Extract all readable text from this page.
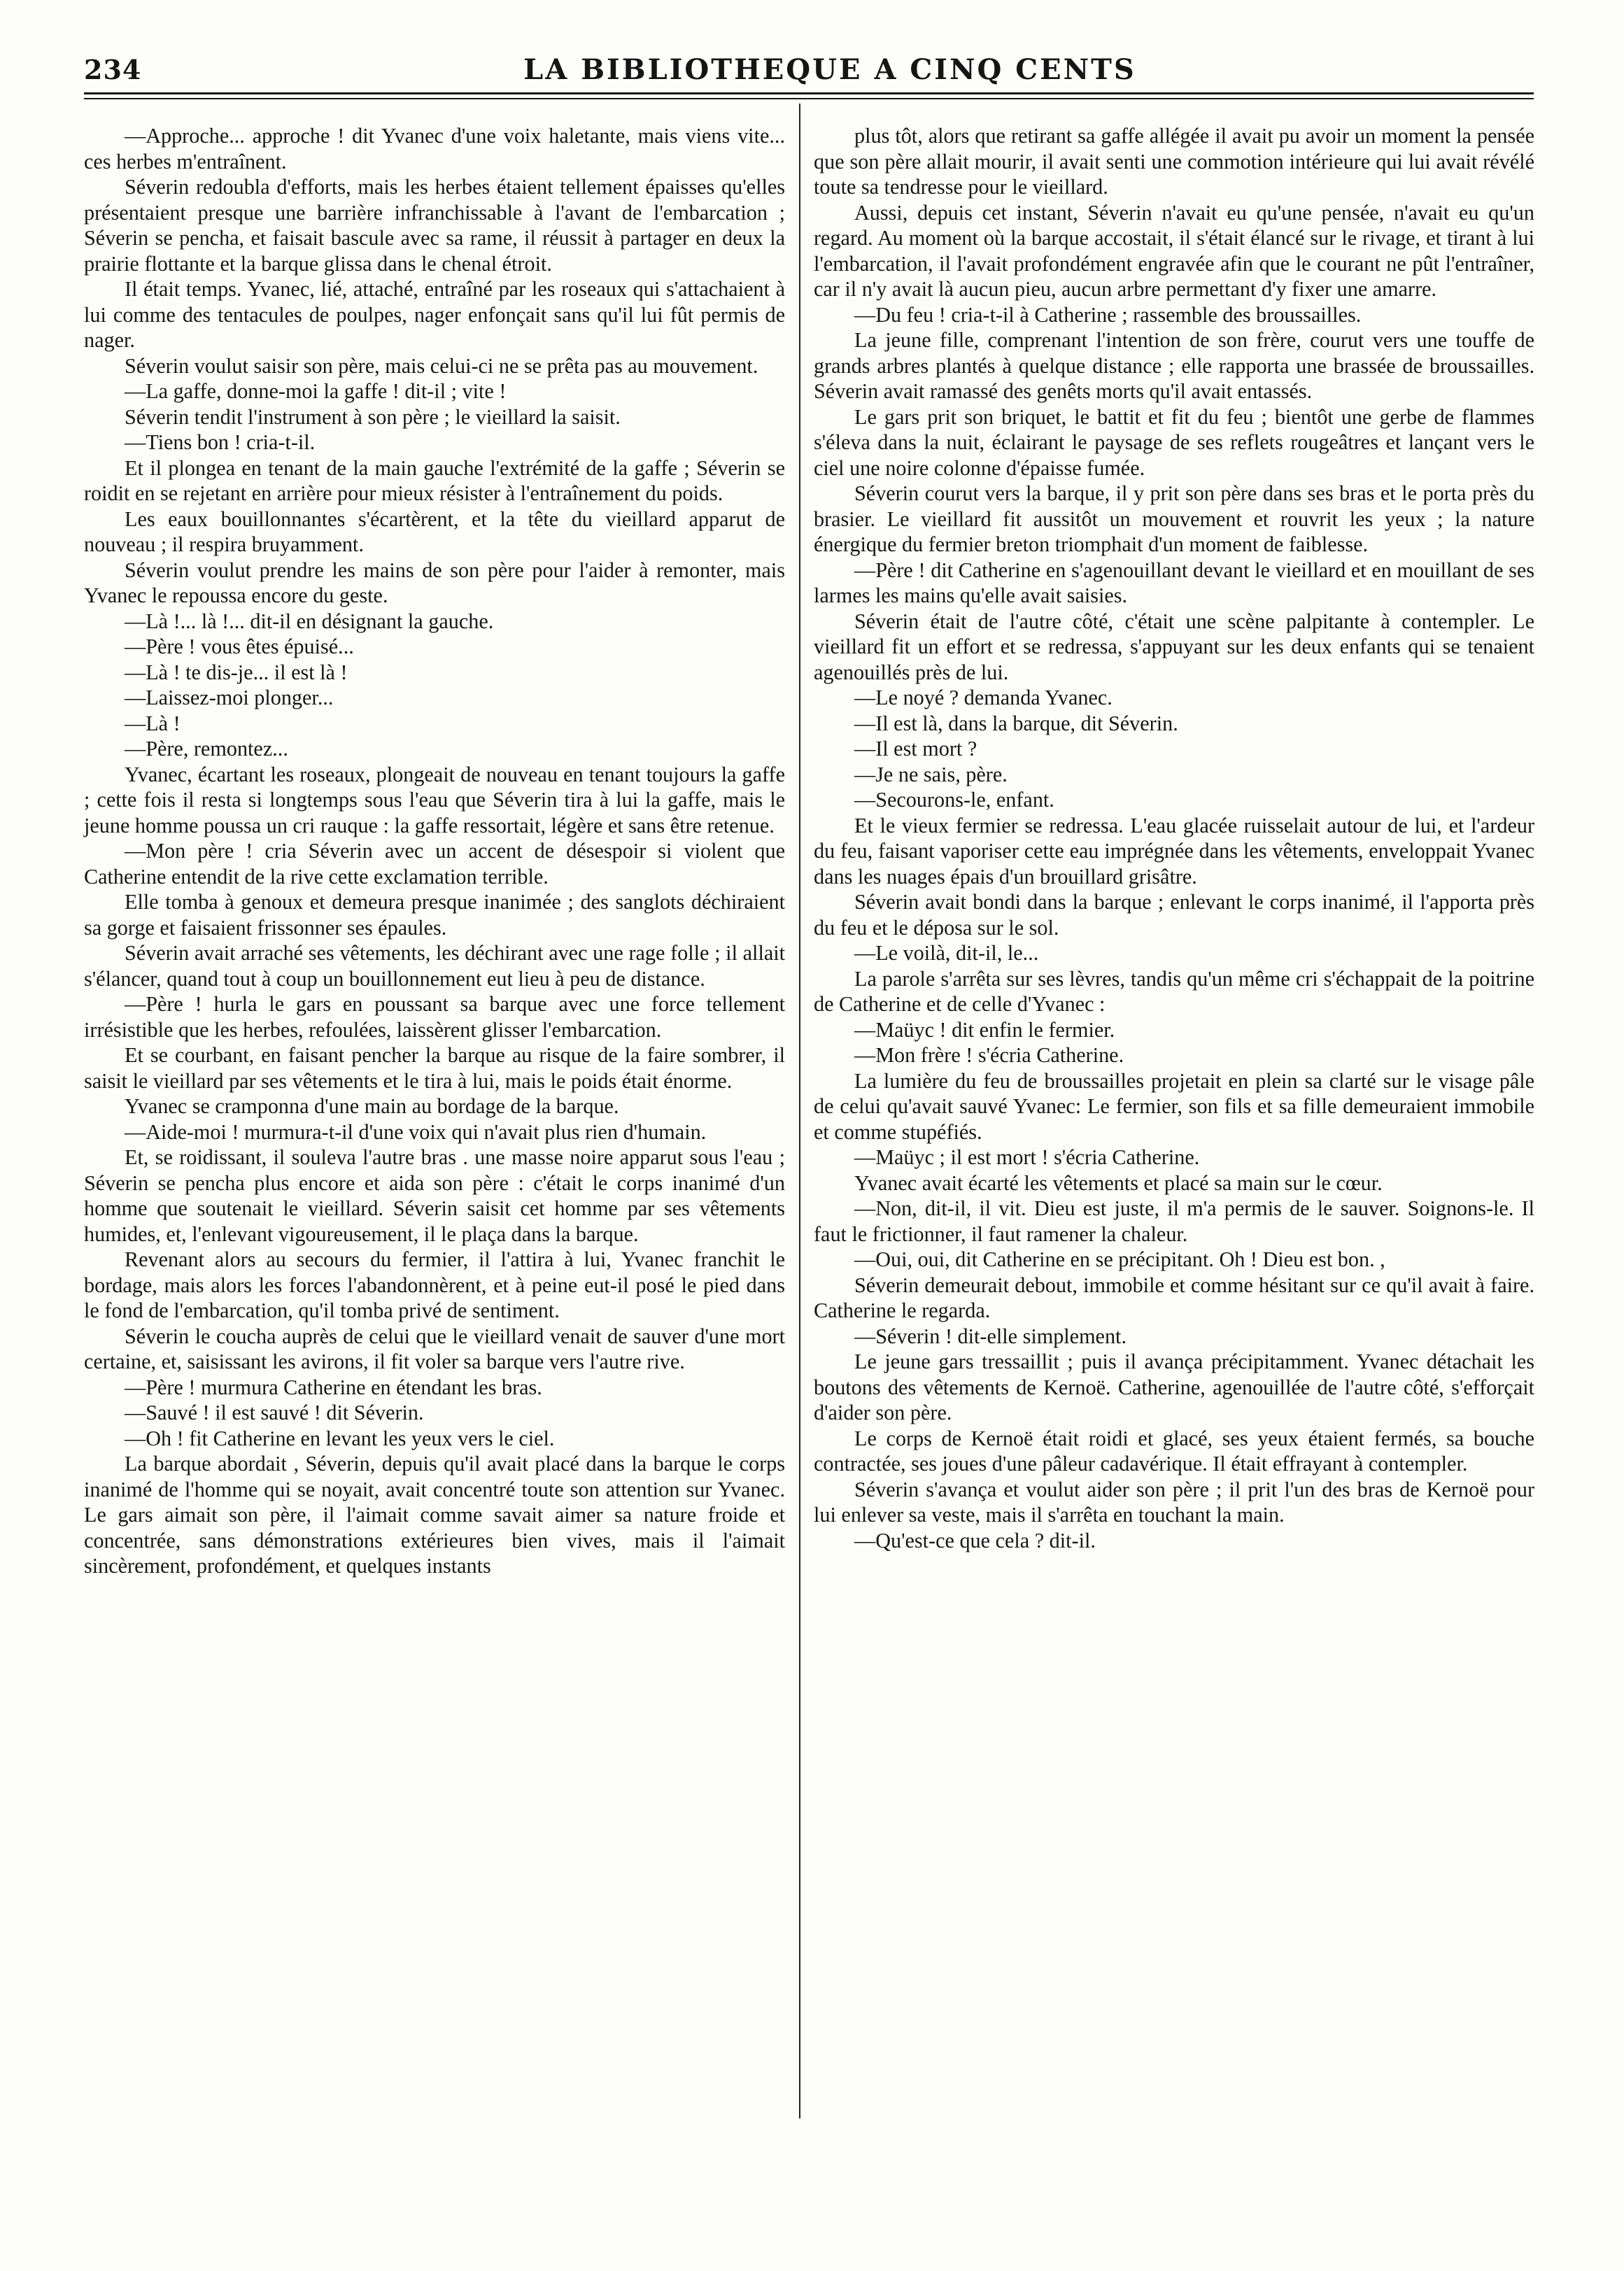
234	LA BIBLIOTHEQUE A CINQ CENTS

—Approche... approche ! dit Yvanec d'une voix haletante, mais viens vite... ces herbes m'entraînent.

Séverin redoubla d'efforts, mais les herbes étaient tellement épaisses qu'elles présentaient presque une barrière infranchissable à l'avant de l'embarcation ; Séverin se pencha, et faisait bascule avec sa rame, il réussit à partager en deux la prairie flottante et la barque glissa dans le chenal étroit.

Il était temps. Yvanec, lié, attaché, entraîné par les roseaux qui s'attachaient à lui comme des tentacules de poulpes, nager enfonçait sans qu'il lui fût permis de nager.

Séverin voulut saisir son père, mais celui-ci ne se prêta pas au mouvement.

—La gaffe, donne-moi la gaffe ! dit-il ; vite !

Séverin tendit l'instrument à son père ; le vieillard la saisit.

—Tiens bon ! cria-t-il.

Et il plongea en tenant de la main gauche l'extrémité de la gaffe ; Séverin se roidit en se rejetant en arrière pour mieux résister à l'entraînement du poids.

Les eaux bouillonnantes s'écartèrent, et la tête du vieillard apparut de nouveau ; il respira bruyamment.

Séverin voulut prendre les mains de son père pour l'aider à remonter, mais Yvanec le repoussa encore du geste.

—Là !... là !... dit-il en désignant la gauche.

—Père ! vous êtes épuisé...

—Là ! te dis-je... il est là !

—Laissez-moi plonger...

—Là !

—Père, remontez...

Yvanec, écartant les roseaux, plongeait de nouveau en tenant toujours la gaffe ; cette fois il resta si longtemps sous l'eau que Séverin tira à lui la gaffe, mais le jeune homme poussa un cri rauque : la gaffe ressortait, légère et sans être retenue.

—Mon père ! cria Séverin avec un accent de désespoir si violent que Catherine entendit de la rive cette exclamation terrible.

Elle tomba à genoux et demeura presque inanimée ; des sanglots déchiraient sa gorge et faisaient frissonner ses épaules.

Séverin avait arraché ses vêtements, les déchirant avec une rage folle ; il allait s'élancer, quand tout à coup un bouillonnement eut lieu à peu de distance.

—Père ! hurla le gars en poussant sa barque avec une force tellement irrésistible que les herbes, refoulées, laissèrent glisser l'embarcation.

Et se courbant, en faisant pencher la barque au risque de la faire sombrer, il saisit le vieillard par ses vêtements et le tira à lui, mais le poids était énorme.

Yvanec se cramponna d'une main au bordage de la barque.

—Aide-moi ! murmura-t-il d'une voix qui n'avait plus rien d'humain.

Et, se roidissant, il souleva l'autre bras . une masse noire apparut sous l'eau ; Séverin se pencha plus encore et aida son père : c'était le corps inanimé d'un homme que soutenait le vieillard. Séverin saisit cet homme par ses vêtements humides, et, l'enlevant vigoureusement, il le plaça dans la barque.

Revenant alors au secours du fermier, il l'attira à lui, Yvanec franchit le bordage, mais alors les forces l'abandonnèrent, et à peine eut-il posé le pied dans le fond de l'embarcation, qu'il tomba privé de sentiment.

Séverin le coucha auprès de celui que le vieillard venait de sauver d'une mort certaine, et, saisissant les avirons, il fit voler sa barque vers l'autre rive.

—Père ! murmura Catherine en étendant les bras.

—Sauvé ! il est sauvé ! dit Séverin.

—Oh ! fit Catherine en levant les yeux vers le ciel.

La barque abordait , Séverin, depuis qu'il avait placé dans la barque le corps inanimé de l'homme qui se noyait, avait concentré toute son attention sur Yvanec. Le gars aimait son père, il l'aimait comme savait aimer sa nature froide et concentrée, sans démonstrations extérieures bien vives, mais il l'aimait sincèrement, profondément, et quelques instants

plus tôt, alors que retirant sa gaffe allégée il avait pu avoir un moment la pensée que son père allait mourir, il avait senti une commotion intérieure qui lui avait révélé toute sa tendresse pour le vieillard.

Aussi, depuis cet instant, Séverin n'avait eu qu'une pensée, n'avait eu qu'un regard. Au moment où la barque accostait, il s'était élancé sur le rivage, et tirant à lui l'embarcation, il l'avait profondément engravée afin que le courant ne pût l'entraîner, car il n'y avait là aucun pieu, aucun arbre permettant d'y fixer une amarre.

—Du feu ! cria-t-il à Catherine ; rassemble des broussailles.

La jeune fille, comprenant l'intention de son frère, courut vers une touffe de grands arbres plantés à quelque distance ; elle rapporta une brassée de broussailles. Séverin avait ramassé des genêts morts qu'il avait entassés.

Le gars prit son briquet, le battit et fit du feu ; bientôt une gerbe de flammes s'éleva dans la nuit, éclairant le paysage de ses reflets rougeâtres et lançant vers le ciel une noire colonne d'épaisse fumée.

Séverin courut vers la barque, il y prit son père dans ses bras et le porta près du brasier. Le vieillard fit aussitôt un mouvement et rouvrit les yeux ; la nature énergique du fermier breton triomphait d'un moment de faiblesse.

—Père ! dit Catherine en s'agenouillant devant le vieillard et en mouillant de ses larmes les mains qu'elle avait saisies.

Séverin était de l'autre côté, c'était une scène palpitante à contempler. Le vieillard fit un effort et se redressa, s'appuyant sur les deux enfants qui se tenaient agenouillés près de lui.

—Le noyé ? demanda Yvanec.

—Il est là, dans la barque, dit Séverin.

—Il est mort ?

—Je ne sais, père.

—Secourons-le, enfant.

Et le vieux fermier se redressa. L'eau glacée ruisselait autour de lui, et l'ardeur du feu, faisant vaporiser cette eau imprégnée dans les vêtements, enveloppait Yvanec dans les nuages épais d'un brouillard grisâtre.

Séverin avait bondi dans la barque ; enlevant le corps inanimé, il l'apporta près du feu et le déposa sur le sol.

—Le voilà, dit-il, le...

La parole s'arrêta sur ses lèvres, tandis qu'un même cri s'échappait de la poitrine de Catherine et de celle d'Yvanec :

—Maüyc ! dit enfin le fermier.

—Mon frère ! s'écria Catherine.

La lumière du feu de broussailles projetait en plein sa clarté sur le visage pâle de celui qu'avait sauvé Yvanec: Le fermier, son fils et sa fille demeuraient immobile et comme stupéfiés.

—Maüyc ; il est mort ! s'écria Catherine.

Yvanec avait écarté les vêtements et placé sa main sur le cœur.

—Non, dit-il, il vit. Dieu est juste, il m'a permis de le sauver. Soignons-le. Il faut le frictionner, il faut ramener la chaleur.

—Oui, oui, dit Catherine en se précipitant. Oh ! Dieu est bon. ,

Séverin demeurait debout, immobile et comme hésitant sur ce qu'il avait à faire. Catherine le regarda.

—Séverin ! dit-elle simplement.

Le jeune gars tressaillit ; puis il avança précipitamment. Yvanec détachait les boutons des vêtements de Kernoë. Catherine, agenouillée de l'autre côté, s'efforçait d'aider son père.

Le corps de Kernoë était roidi et glacé, ses yeux étaient fermés, sa bouche contractée, ses joues d'une pâleur cadavérique. Il était effrayant à contempler.

Séverin s'avança et voulut aider son père ; il prit l'un des bras de Kernoë pour lui enlever sa veste, mais il s'arrêta en touchant la main.

—Qu'est-ce que cela ? dit-il.
